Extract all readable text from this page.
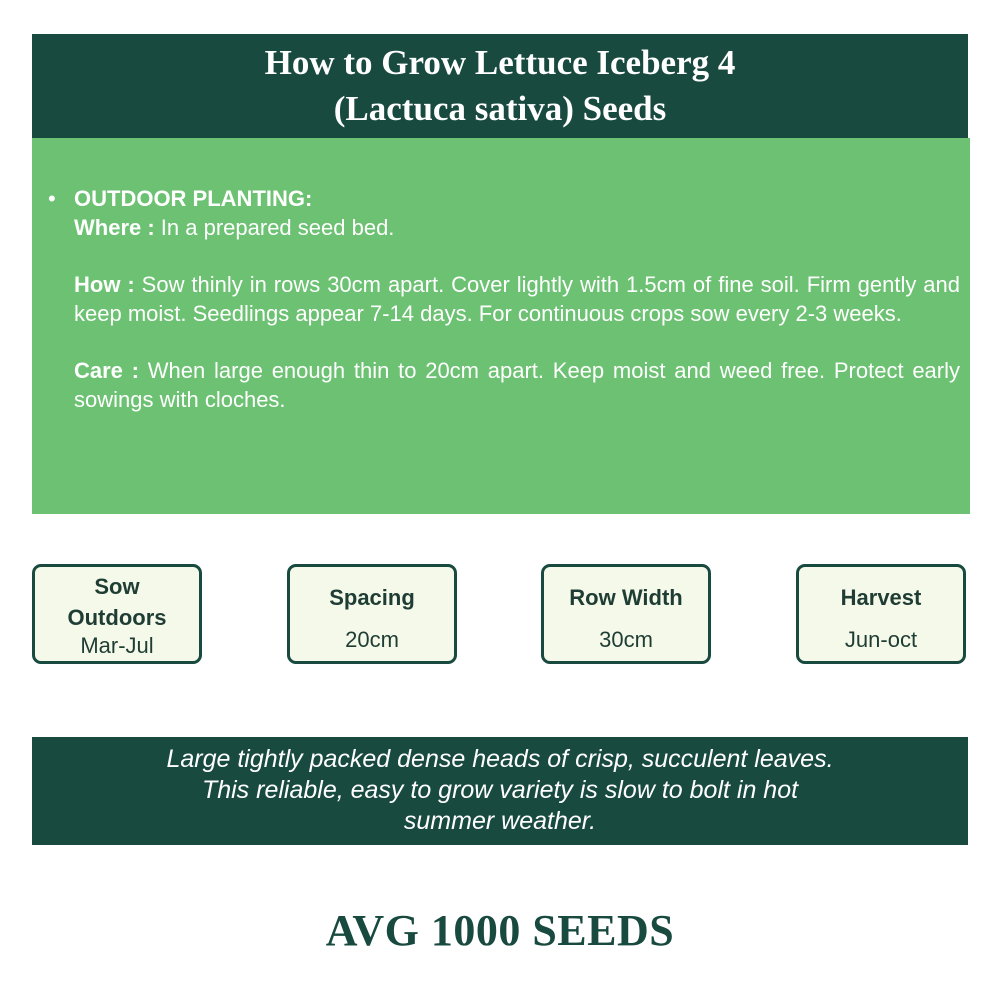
How to Grow Lettuce Iceberg 4
(Lactuca sativa) Seeds
• OUTDOOR PLANTING:

Where : In a prepared seed bed.

How : Sow thinly in rows 30cm apart. Cover lightly with 1.5cm of fine soil. Firm gently and keep moist. Seedlings appear 7-14 days. For continuous crops sow every 2-3 weeks.

Care : When large enough thin to 20cm apart. Keep moist and weed free. Protect early sowings with cloches.

Sow
Outdoors
Mar-Jul
Spacing
20cm
Row Width
30cm
Harvest
Jun-oct
Large tightly packed dense heads of crisp, succulent leaves.
This reliable, easy to grow variety is slow to bolt in hot
summer weather.
AVG 1000 SEEDS
